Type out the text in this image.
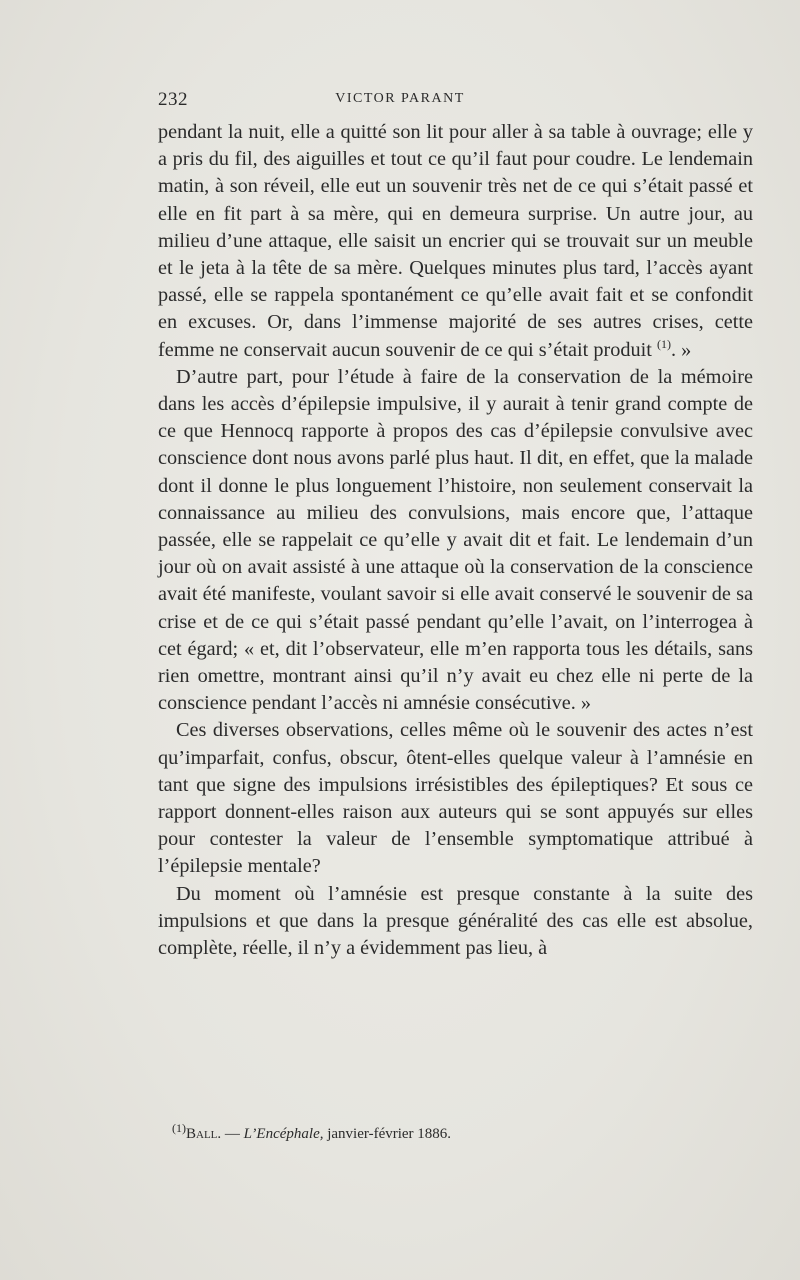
232	VICTOR PARANT

pendant la nuit, elle a quitté son lit pour aller à sa table à ouvrage; elle y a pris du fil, des aiguilles et tout ce qu’il faut pour coudre. Le lendemain matin, à son réveil, elle eut un souvenir très net de ce qui s’était passé et elle en fit part à sa mère, qui en demeura surprise. Un autre jour, au milieu d’une attaque, elle saisit un encrier qui se trouvait sur un meuble et le jeta à la tête de sa mère. Quelques minutes plus tard, l’accès ayant passé, elle se rappela spontanément ce qu’elle avait fait et se confondit en excuses. Or, dans l’immense majorité de ses autres crises, cette femme ne conservait aucun souvenir de ce qui s’était produit $^{(1)}$. »

D’autre part, pour l’étude à faire de la conservation de la mémoire dans les accès d’épilepsie impulsive, il y aurait à tenir grand compte de ce que Hennocq rapporte à propos des cas d’épilepsie convulsive avec conscience dont nous avons parlé plus haut. Il dit, en effet, que la malade dont il donne le plus longuement l’histoire, non seulement conservait la connaissance au milieu des convulsions, mais encore que, l’attaque passée, elle se rappelait ce qu’elle y avait dit et fait. Le lendemain d’un jour où on avait assisté à une attaque où la conservation de la conscience avait été manifeste, voulant savoir si elle avait conservé le souvenir de sa crise et de ce qui s’était passé pendant qu’elle l’avait, on l’interrogea à cet égard; « et, dit l’observateur, elle m’en rapporta tous les détails, sans rien omettre, montrant ainsi qu’il n’y avait eu chez elle ni perte de la conscience pendant l’accès ni amnésie consécutive. »

Ces diverses observations, celles même où le souvenir des actes n’est qu’imparfait, confus, obscur, ôtent-elles quelque valeur à l’amnésie en tant que signe des impulsions irrésistibles des épileptiques? Et sous ce rapport donnent-elles raison aux auteurs qui se sont appuyés sur elles pour contester la valeur de l’ensemble symptomatique attribué à l’épilepsie mentale?

Du moment où l’amnésie est presque constante à la suite des impulsions et que dans la presque généralité des cas elle est absolue, complète, réelle, il n’y a évidemment pas lieu, à

$^{(1)}$Ball. — L’Encéphale, janvier-février 1886.
